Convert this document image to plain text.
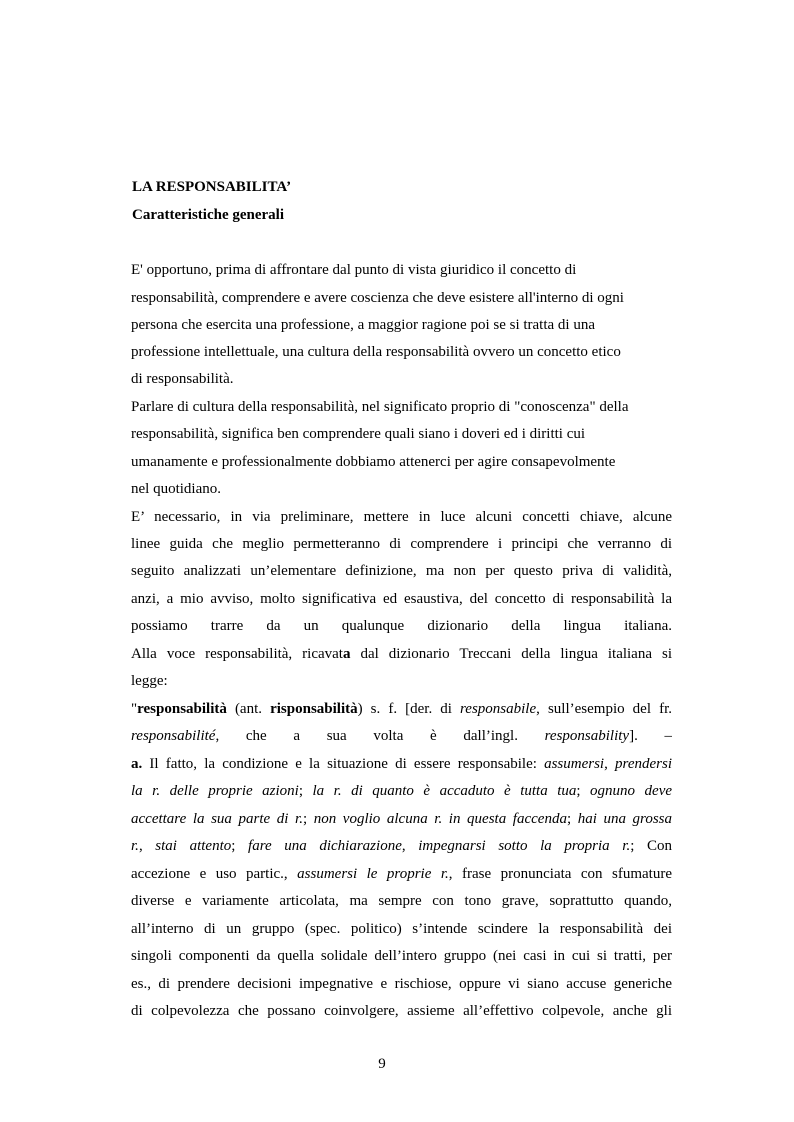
LA RESPONSABILITA’
Caratteristiche generali
E' opportuno, prima di affrontare dal punto di vista giuridico il concetto di
responsabilità, comprendere e avere coscienza che deve esistere all'interno di ogni
persona che esercita una professione, a maggior ragione poi se si tratta di una
professione intellettuale, una cultura della responsabilità ovvero un concetto etico
di responsabilità.
Parlare di cultura della responsabilità, nel significato proprio di "conoscenza" della
responsabilità, significa ben comprendere quali siano i doveri ed i diritti cui
umanamente e professionalmente dobbiamo attenerci per agire consapevolmente
nel quotidiano.
E’ necessario, in via preliminare, mettere in luce alcuni concetti chiave, alcune
linee guida che meglio permetteranno di comprendere i principi che verranno di
seguito analizzati un’elementare definizione, ma non per questo priva di validità,
anzi, a mio avviso, molto significativa ed esaustiva, del concetto di responsabilità la
possiamo trarre da un qualunque dizionario della lingua italiana.
Alla voce responsabilità, ricavata dal dizionario Treccani della lingua italiana si
legge:
"responsabilità (ant. risponsabilità) s. f. [der. di responsabile, sull’esempio del fr.
responsabilité, che a sua volta è dall’ingl. responsability]. –
a. Il fatto, la condizione e la situazione di essere responsabile: assumersi, prendersi
la r. delle proprie azioni; la r. di quanto è accaduto è tutta tua; ognuno deve
accettare la sua parte di r.; non voglio alcuna r. in questa faccenda; hai una grossa
r., stai attento; fare una dichiarazione, impegnarsi sotto la propria r.; Con
accezione e uso partic., assumersi le proprie r., frase pronunciata con sfumature
diverse e variamente articolata, ma sempre con tono grave, soprattutto quando,
all’interno di un gruppo (spec. politico) s’intende scindere la responsabilità dei
singoli componenti da quella solidale dell’intero gruppo (nei casi in cui si tratti, per
es., di prendere decisioni impegnative e rischiose, oppure vi siano accuse generiche
di colpevolezza che possano coinvolgere, assieme all’effettivo colpevole, anche gli
9
